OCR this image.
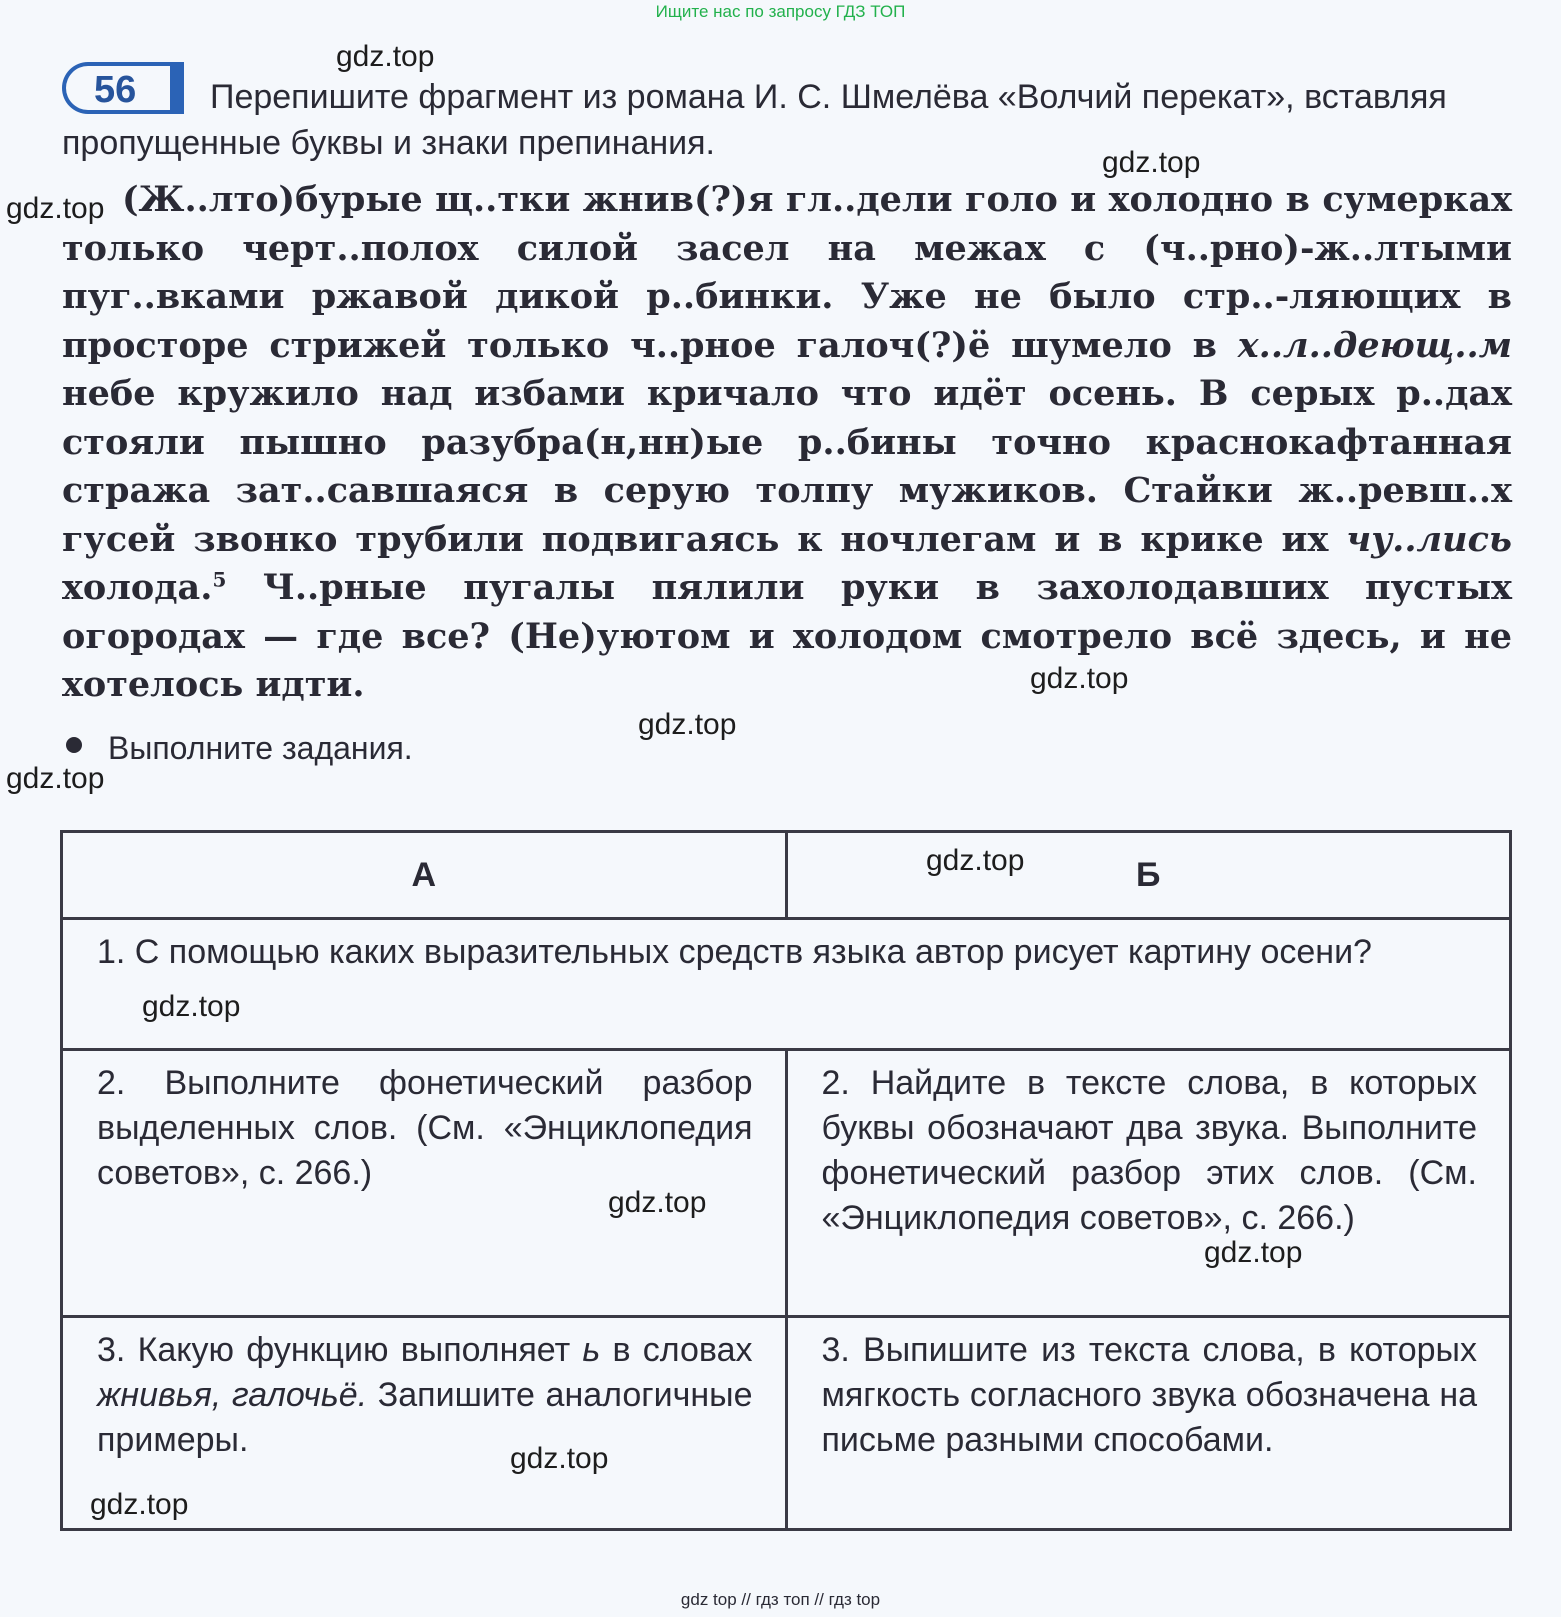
Ищите нас по запросу ГДЗ ТОП
56	Перепишите фрагмент из романа И. С. Шмелёва «Волчий перекат», вставляя пропущенные буквы и знаки препинания.

(Ж..лто)бурые щ..тки жнив(?)я гл..дели голо и холодно в сумерках только черт..полох силой засел на межах с (ч..рно)-ж..лтыми пуг..вками ржавой дикой р..бинки. Уже не было стр..-ляющих в просторе стрижей только ч..рное галоч(?)ё шумело в х..л..деющ..м небе кружило над избами кричало что идёт осень. В серых р..дах стояли пышно разубра(н,нн)ые р..бины точно краснокафтанная стража зат..савшаяся в серую толпу мужиков. Стайки ж..ревш..х гусей звонко трубили подвигаясь к ночлегам и в крике их чу..лись холода.$^5$ Ч..рные пугалы пялили руки в захолодавших пустых огородах — где все? (Не)уютом и холодом смотрело всё здесь, и не хотелось идти.

Выполните задания.

А	Б

1. С помощью каких выразительных средств языка автор рисует картину осени?	

2. Выполните фонетический разбор выделенных слов. (См. «Энциклопедия советов», с. 266.)	2. Найдите в тексте слова, в которых буквы обозначают два звука. Выполните фонетический разбор этих слов. (См. «Энциклопедия советов», с. 266.)

3. Какую функцию выполняет ь в словах жнивья, галочьё. Запишите аналогичные примеры.	3. Выпишите из текста слова, в которых мягкость согласного звука обозначена на письме разными способами.
gdz.top
gdz.top
gdz.top
gdz.top
gdz.top
gdz.top
gdz.top
gdz.top
gdz.top
gdz.top
gdz.top
gdz.top
gdz top // гдз топ // гдз top
